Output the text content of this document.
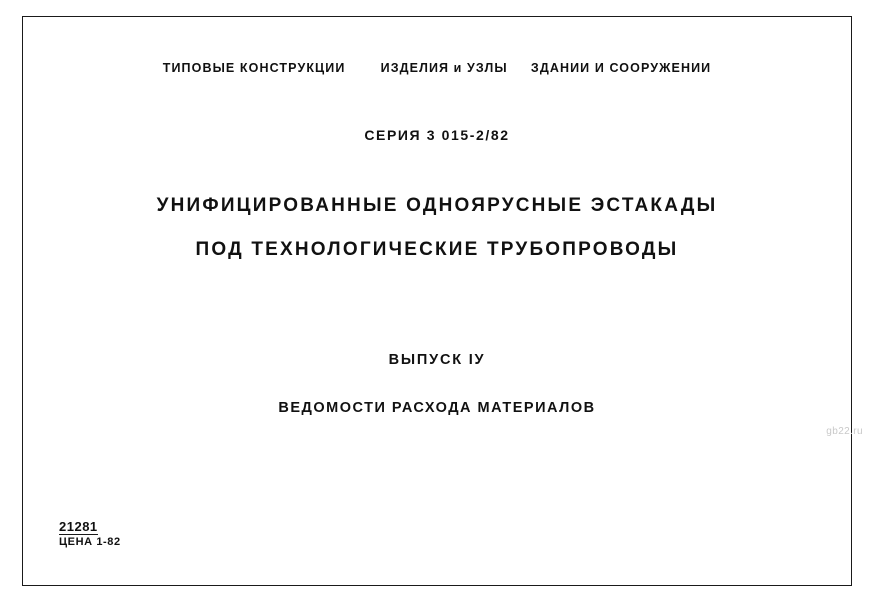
ТИПОВЫЕ КОНСТРУКЦИИ	ИЗДЕЛИЯ и УЗЛЫ ЗДАНИИ И СООРУЖЕНИИ
СЕРИЯ 3 015-2/82
УНИФИЦИРОВАННЫЕ ОДНОЯРУСНЫЕ ЭСТАКАДЫ
ПОД ТЕХНОЛОГИЧЕСКИЕ ТРУБОПРОВОДЫ
ВЫПУСК IУ
ВЕДОМОСТИ РАСХОДА МАТЕРИАЛОВ
21281
ЦЕНА 1-82
gb22.ru
